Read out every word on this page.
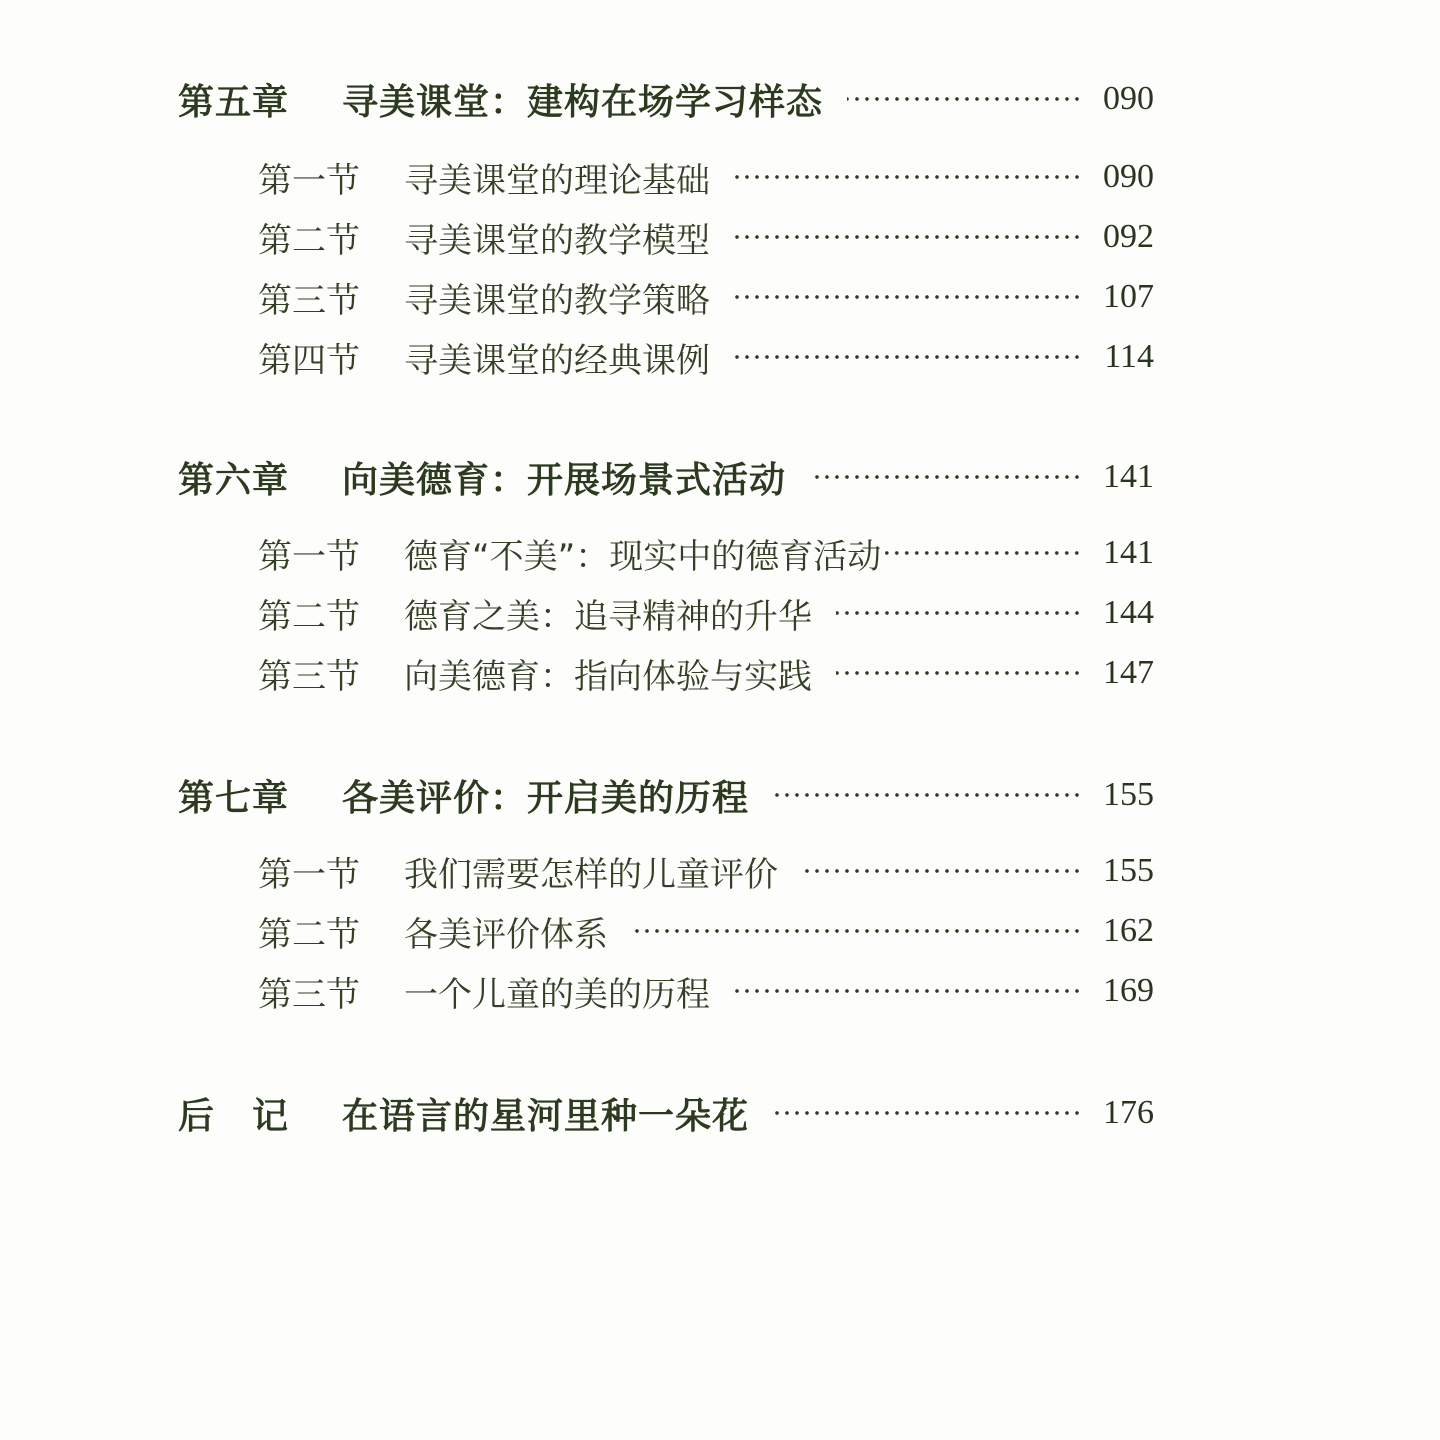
第五章	寻美课堂：建构在场学习样态	090
第一节	寻美课堂的理论基础	090
第二节	寻美课堂的教学模型	092
第三节	寻美课堂的教学策略	107
第四节	寻美课堂的经典课例	114
第六章	向美德育：开展场景式活动	141
第一节	德育“不美”：现实中的德育活动	141
第二节	德育之美：追寻精神的升华	144
第三节	向美德育：指向体验与实践	147
第七章	各美评价：开启美的历程	155
第一节	我们需要怎样的儿童评价	155
第二节	各美评价体系	162
第三节	一个儿童的美的历程	169
后　记	在语言的星河里种一朵花	176
